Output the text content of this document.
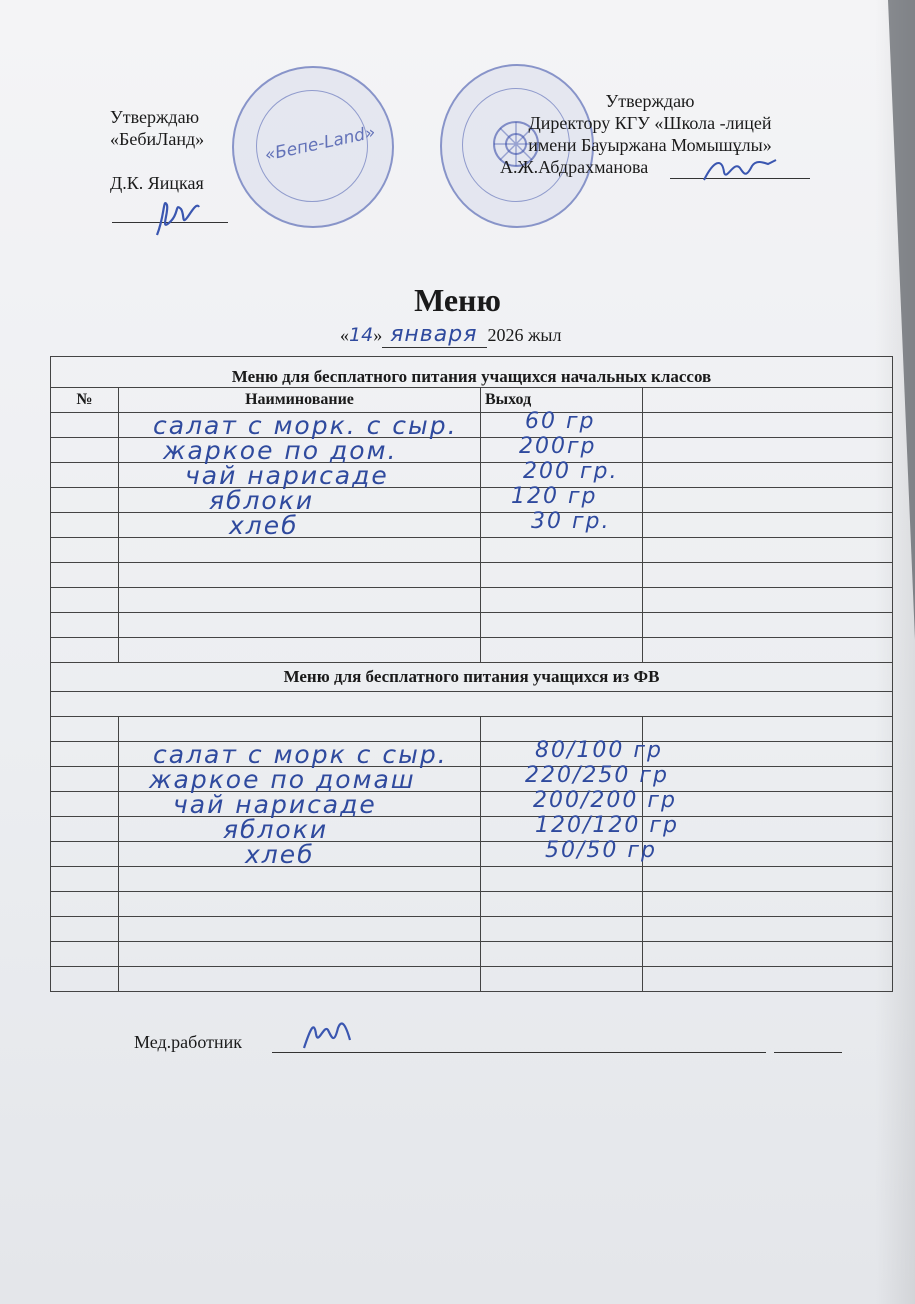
Утверждаю
«БебиЛанд»
Д.К. Яицкая
«Бепе-Land»
Утверждаю
Директору КГУ «Школа -лицей
имени Бауыржана Момышұлы»
А.Ж.Абдрахманова
Меню
«14» января 2026 жыл
Меню для бесплатного питания учащихся начальных классов			
№	Наиминование	Выход	

	салат с морк. с сыр.	60 гр	

	жаркое по дом.	200гр	

	чай нарисаде	200 гр.	

	яблоки	120 гр	

	хлеб	30 гр.	

Меню для бесплатного питания учащихся из ФВ			

	салат с морк с сыр.	80/100 гр	

	жаркое по домаш	220/250 гр	

	чай нарисаде	200/200 гр	

	яблоки	120/120 гр	

	хлеб	50/50 гр	

Мед.работник
